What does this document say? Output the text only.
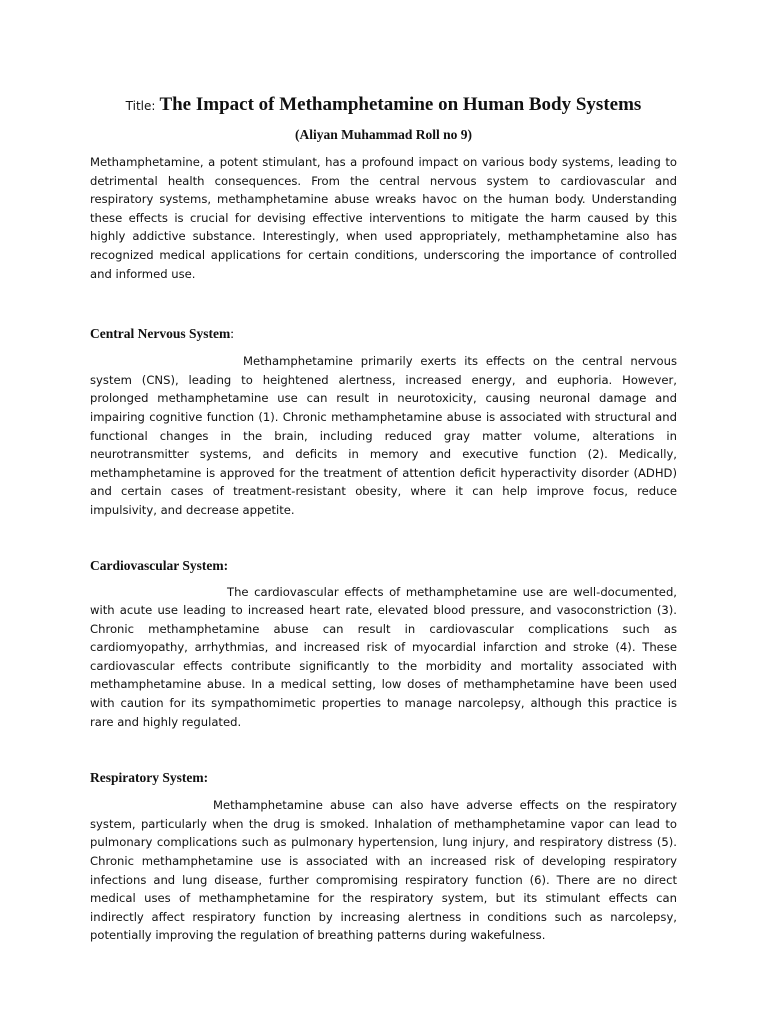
Title: The Impact of Methamphetamine on Human Body Systems

(Aliyan Muhammad Roll no 9)

Methamphetamine, a potent stimulant, has a profound impact on various body systems, leading to detrimental health consequences. From the central nervous system to cardiovascular and respiratory systems, methamphetamine abuse wreaks havoc on the human body. Understanding these effects is crucial for devising effective interventions to mitigate the harm caused by this highly addictive substance. Interestingly, when used appropriately, methamphetamine also has recognized medical applications for certain conditions, underscoring the importance of controlled and informed use.

Central Nervous System:

Methamphetamine primarily exerts its effects on the central nervous system (CNS), leading to heightened alertness, increased energy, and euphoria. However, prolonged methamphetamine use can result in neurotoxicity, causing neuronal damage and impairing cognitive function (1). Chronic methamphetamine abuse is associated with structural and functional changes in the brain, including reduced gray matter volume, alterations in neurotransmitter systems, and deficits in memory and executive function (2). Medically, methamphetamine is approved for the treatment of attention deficit hyperactivity disorder (ADHD) and certain cases of treatment-resistant obesity, where it can help improve focus, reduce impulsivity, and decrease appetite.

Cardiovascular System:

The cardiovascular effects of methamphetamine use are well-documented, with acute use leading to increased heart rate, elevated blood pressure, and vasoconstriction (3). Chronic methamphetamine abuse can result in cardiovascular complications such as cardiomyopathy, arrhythmias, and increased risk of myocardial infarction and stroke (4). These cardiovascular effects contribute significantly to the morbidity and mortality associated with methamphetamine abuse. In a medical setting, low doses of methamphetamine have been used with caution for its sympathomimetic properties to manage narcolepsy, although this practice is rare and highly regulated.

Respiratory System:

Methamphetamine abuse can also have adverse effects on the respiratory system, particularly when the drug is smoked. Inhalation of methamphetamine vapor can lead to pulmonary complications such as pulmonary hypertension, lung injury, and respiratory distress (5). Chronic methamphetamine use is associated with an increased risk of developing respiratory infections and lung disease, further compromising respiratory function (6). There are no direct medical uses of methamphetamine for the respiratory system, but its stimulant effects can indirectly affect respiratory function by increasing alertness in conditions such as narcolepsy, potentially improving the regulation of breathing patterns during wakefulness.
